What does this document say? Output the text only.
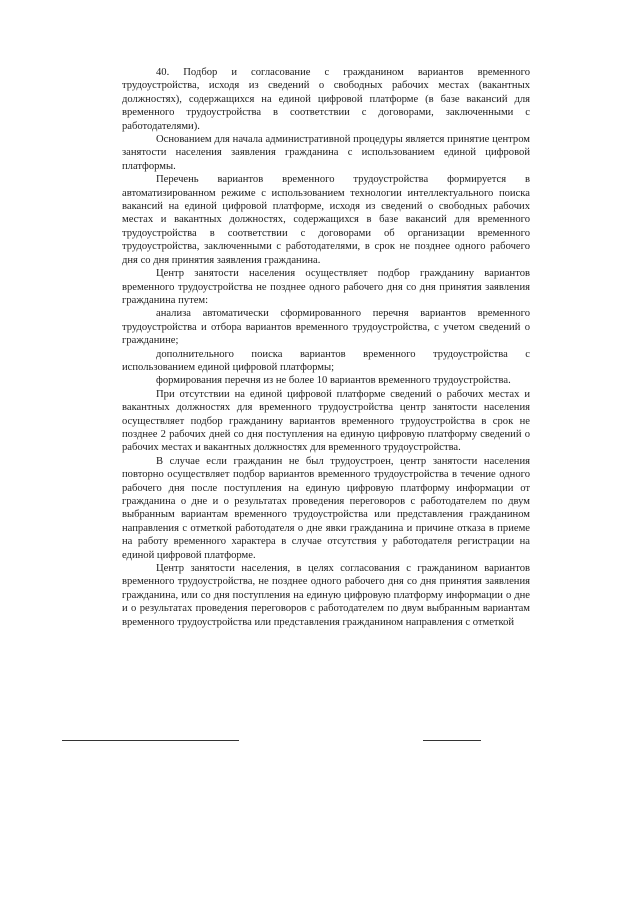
40. Подбор и согласование с гражданином вариантов временного трудоустройства, исходя из сведений о свободных рабочих местах (вакантных должностях), содержащихся на единой цифровой платформе (в базе вакансий для временного трудоустройства в соответствии с договорами, заключенными с работодателями).

Основанием для начала административной процедуры является принятие центром занятости населения заявления гражданина с использованием единой цифровой платформы.

Перечень вариантов временного трудоустройства формируется в автоматизированном режиме с использованием технологии интеллектуального поиска вакансий на единой цифровой платформе, исходя из сведений о свободных рабочих местах и вакантных должностях, содержащихся в базе вакансий для временного трудоустройства в соответствии с договорами об организации временного трудоустройства, заключенными с работодателями, в срок не позднее одного рабочего дня со дня принятия заявления гражданина.

Центр занятости населения осуществляет подбор гражданину вариантов временного трудоустройства не позднее одного рабочего дня со дня принятия заявления гражданина путем:

анализа автоматически сформированного перечня вариантов временного трудоустройства и отбора вариантов временного трудоустройства, с учетом сведений о гражданине;

дополнительного поиска вариантов временного трудоустройства с использованием единой цифровой платформы;

формирования перечня из не более 10 вариантов временного трудоустройства.

При отсутствии на единой цифровой платформе сведений о рабочих местах и вакантных должностях для временного трудоустройства центр занятости населения осуществляет подбор гражданину вариантов временного трудоустройства в срок не позднее 2 рабочих дней со дня поступления на единую цифровую платформу сведений о рабочих местах и вакантных должностях для временного трудоустройства.

В случае если гражданин не был трудоустроен, центр занятости населения повторно осуществляет подбор вариантов временного трудоустройства в течение одного рабочего дня после поступления на единую цифровую платформу информации от гражданина о дне и о результатах проведения переговоров с работодателем по двум выбранным вариантам временного трудоустройства или представления гражданином направления с отметкой работодателя о дне явки гражданина и причине отказа в приеме на работу временного характера в случае отсутствия у работодателя регистрации на единой цифровой платформе.

Центр занятости населения, в целях согласования с гражданином вариантов временного трудоустройства, не позднее одного рабочего дня со дня принятия заявления гражданина, или со дня поступления на единую цифровую платформу информации о дне и о результатах проведения переговоров с работодателем по двум выбранным вариантам временного трудоустройства или представления гражданином направления с отметкой
